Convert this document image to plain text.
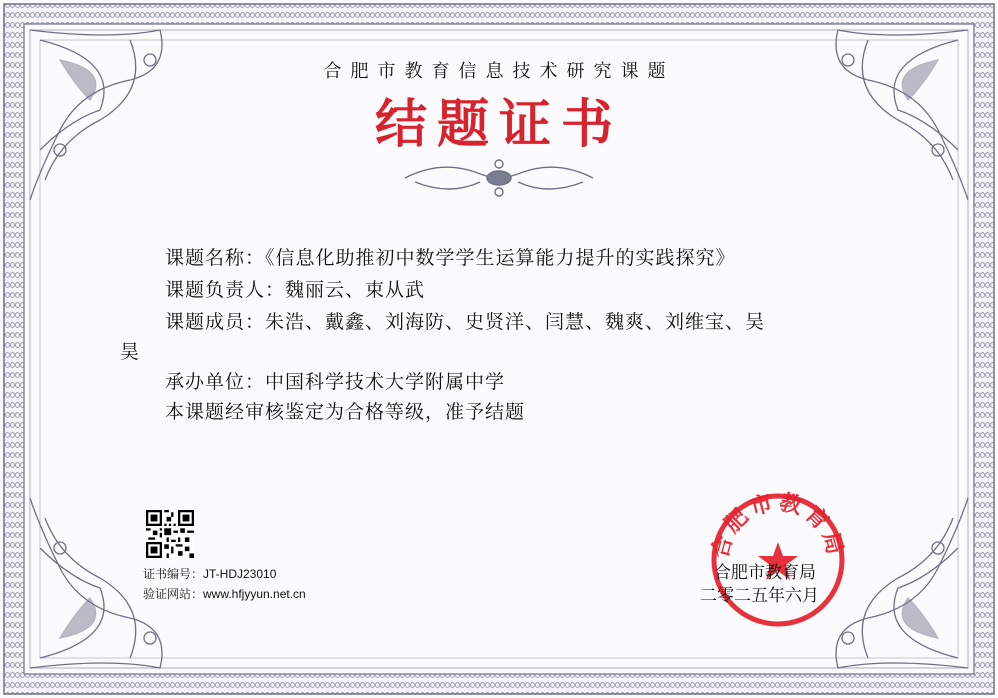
合肥市教育信息技术研究课题
结题证书
课题名称：《信息化助推初中数学学生运算能力提升的实践探究》
课题负责人：魏丽云、束从武
课题成员：朱浩、戴鑫、刘海防、史贤洋、闫慧、魏爽、刘维宝、吴
昊
承办单位：中国科学技术大学附属中学
本课题经审核鉴定为合格等级，准予结题
证书编号：JT-HDJ23010
验证网站：www.hfjyyun.net.cn
合肥市教育局
合肥市教育局
二零二五年六月
